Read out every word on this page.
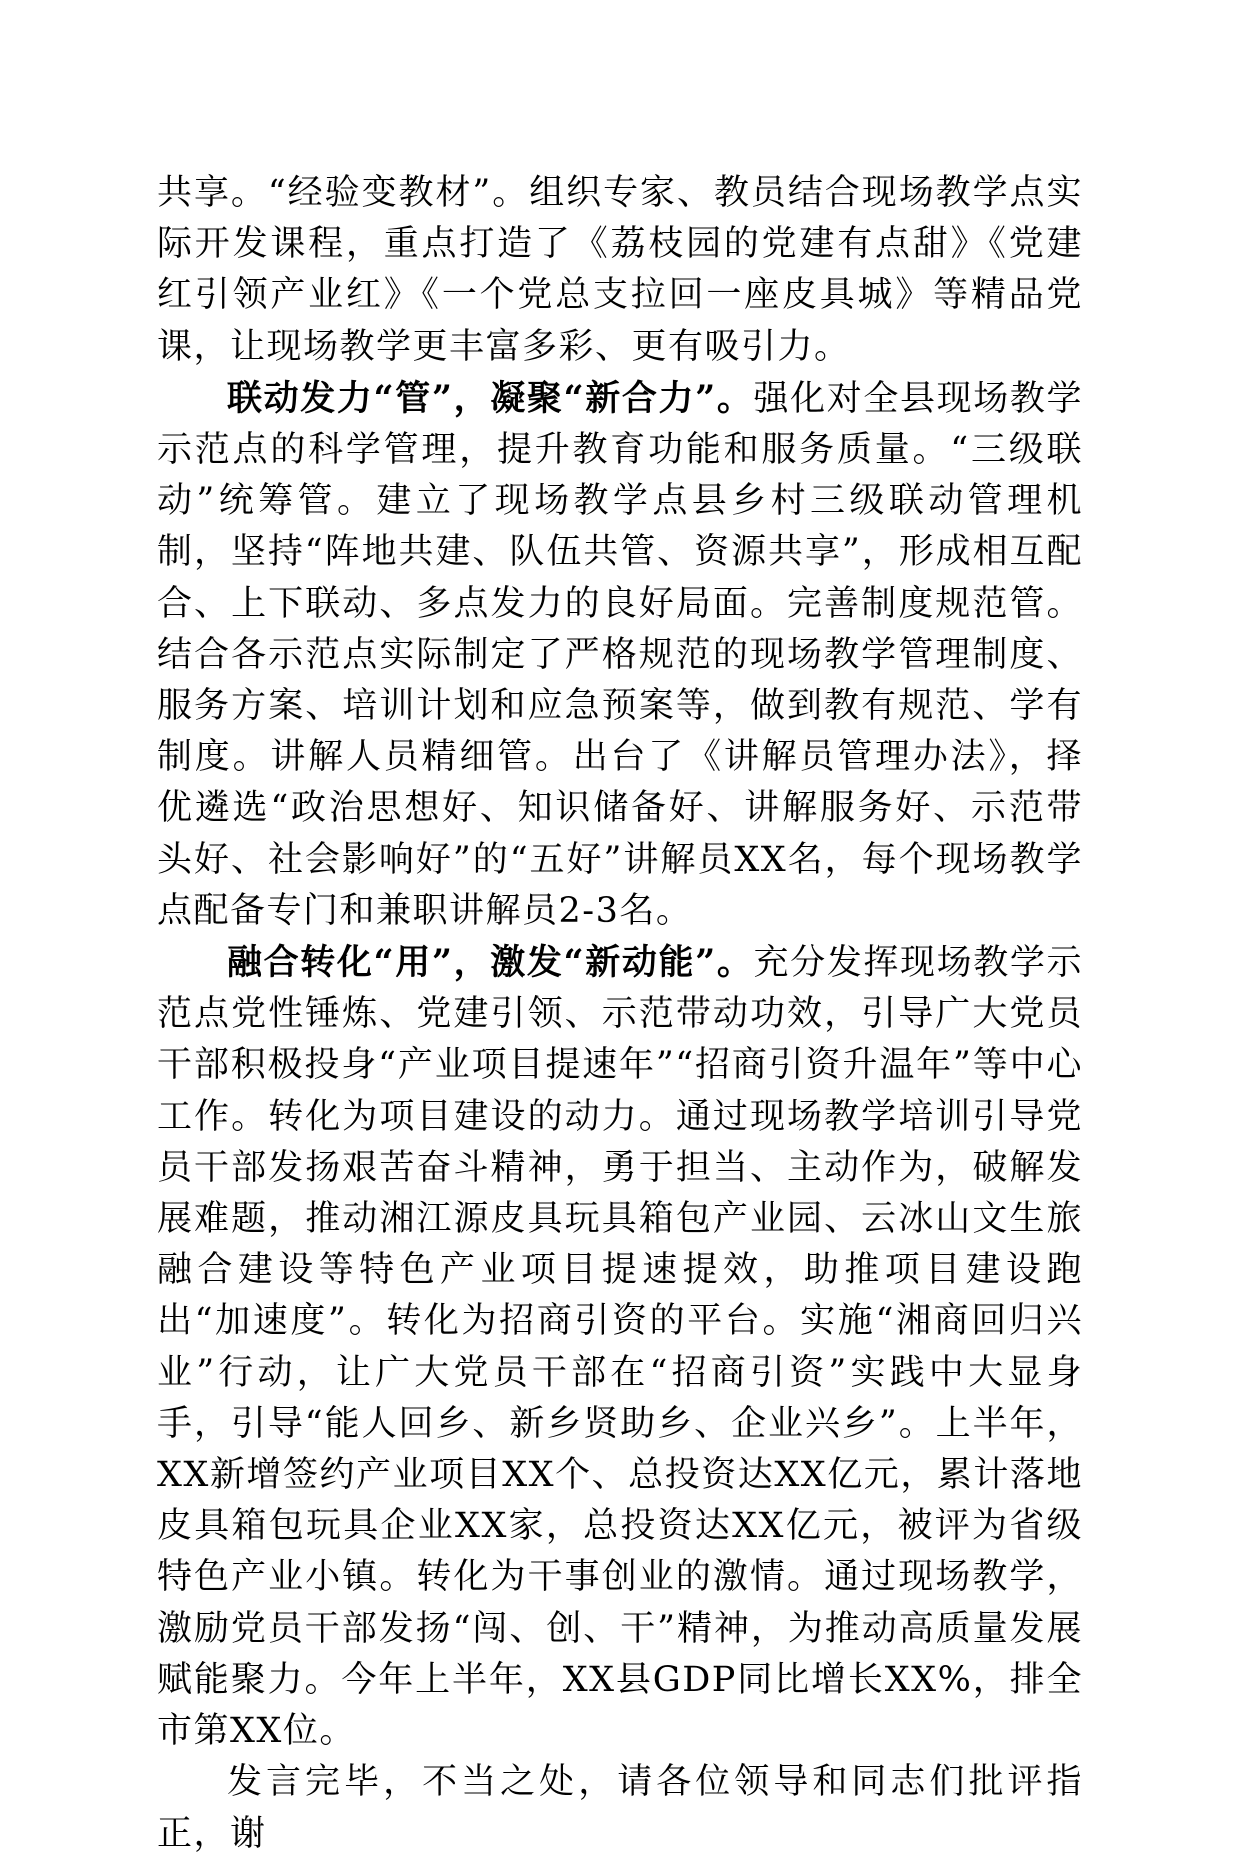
共享。“经验变教材”。组织专家、教员结合现场教学点实际开发课程，重点打造了《荔枝园的党建有点甜》《党建红引领产业红》《一个党总支拉回一座皮具城》等精品党课，让现场教学更丰富多彩、更有吸引力。

联动发力“管”，凝聚“新合力”。强化对全县现场教学示范点的科学管理，提升教育功能和服务质量。“三级联动”统筹管。建立了现场教学点县乡村三级联动管理机制，坚持“阵地共建、队伍共管、资源共享”，形成相互配合、上下联动、多点发力的良好局面。完善制度规范管。结合各示范点实际制定了严格规范的现场教学管理制度、服务方案、培训计划和应急预案等，做到教有规范、学有制度。讲解人员精细管。出台了《讲解员管理办法》，择优遴选“政治思想好、知识储备好、讲解服务好、示范带头好、社会影响好”的“五好”讲解员XX名，每个现场教学点配备专门和兼职讲解员2-3名。

融合转化“用”，激发“新动能”。充分发挥现场教学示范点党性锤炼、党建引领、示范带动功效，引导广大党员干部积极投身“产业项目提速年”“招商引资升温年”等中心工作。转化为项目建设的动力。通过现场教学培训引导党员干部发扬艰苦奋斗精神，勇于担当、主动作为，破解发展难题，推动湘江源皮具玩具箱包产业园、云冰山文生旅融合建设等特色产业项目提速提效，助推项目建设跑出“加速度”。转化为招商引资的平台。实施“湘商回归兴业”行动，让广大党员干部在“招商引资”实践中大显身手，引导“能人回乡、新乡贤助乡、企业兴乡”。上半年，XX新增签约产业项目XX个、总投资达XX亿元，累计落地皮具箱包玩具企业XX家，总投资达XX亿元，被评为省级特色产业小镇。转化为干事创业的激情。通过现场教学，激励党员干部发扬“闯、创、干”精神，为推动高质量发展赋能聚力。今年上半年，XX县GDP同比增长XX%，排全市第XX位。

发言完毕，不当之处，请各位领导和同志们批评指正，谢
